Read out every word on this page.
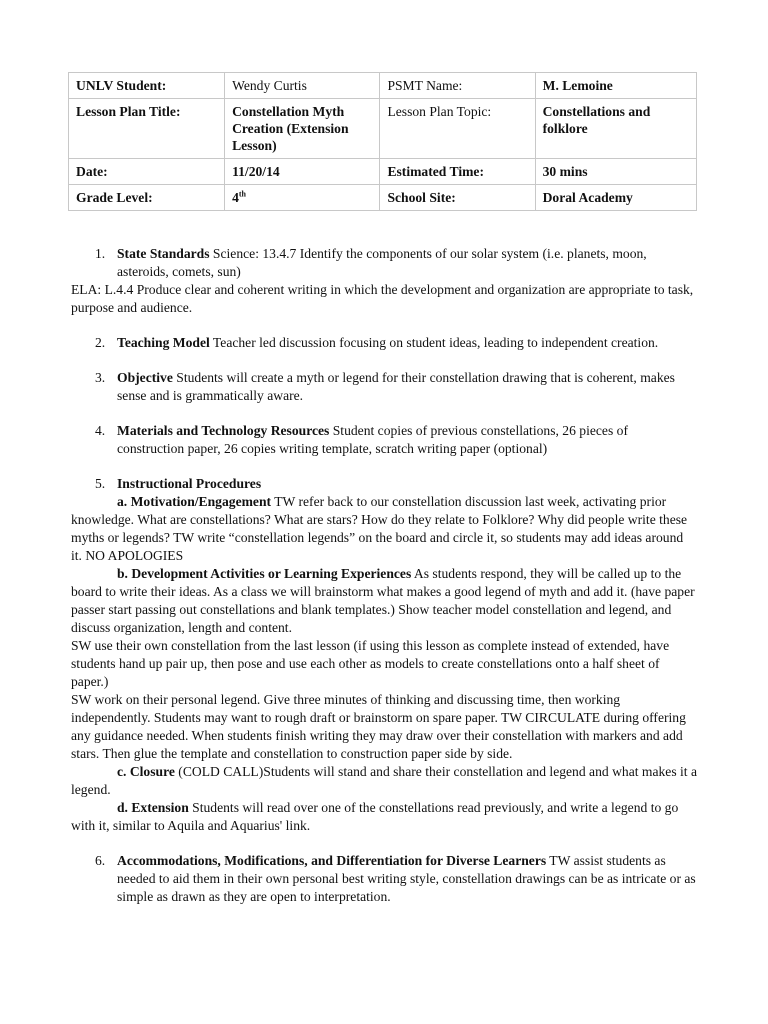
UNLV Student:	Wendy Curtis	PSMT Name:	M. Lemoine
Lesson Plan Title:	Constellation Myth Creation (Extension Lesson)	Lesson Plan Topic:	Constellations and folklore
Date:	11/20/14	Estimated Time:	30 mins
Grade Level:	4th	School Site:	Doral Academy
1. State Standards Science: 13.4.7 Identify the components of our solar system (i.e. planets, moon, asteroids, comets, sun)

ELA: L.4.4 Produce clear and coherent writing in which the development and organization are appropriate to task, purpose and audience.

2. Teaching Model Teacher led discussion focusing on student ideas, leading to independent creation.

3. Objective Students will create a myth or legend for their constellation drawing that is coherent, makes sense and is grammatically aware.

4. Materials and Technology Resources Student copies of previous constellations, 26 pieces of construction paper, 26 copies writing template, scratch writing paper (optional)

5. Instructional Procedures

a. Motivation/Engagement TW refer back to our constellation discussion last week, activating prior knowledge. What are constellations? What are stars? How do they relate to Folklore? Why did people write these myths or legends? TW write “constellation legends” on the board and circle it, so students may add ideas around it. NO APOLOGIES

b. Development Activities or Learning Experiences As students respond, they will be called up to the board to write their ideas. As a class we will brainstorm what makes a good legend of myth and add it. (have paper passer start passing out constellations and blank templates.) Show teacher model constellation and legend, and discuss organization, length and content.

SW use their own constellation from the last lesson (if using this lesson as complete instead of extended, have students hand up pair up, then pose and use each other as models to create constellations onto a half sheet of paper.)

SW work on their personal legend. Give three minutes of thinking and discussing time, then working independently. Students may want to rough draft or brainstorm on spare paper. TW CIRCULATE during offering any guidance needed. When students finish writing they may draw over their constellation with markers and add stars. Then glue the template and constellation to construction paper side by side.

c. Closure (COLD CALL)Students will stand and share their constellation and legend and what makes it a legend.

d. Extension Students will read over one of the constellations read previously, and write a legend to go with it, similar to Aquila and Aquarius' link.

6. Accommodations, Modifications, and Differentiation for Diverse Learners TW assist students as needed to aid them in their own personal best writing style, constellation drawings can be as intricate or as simple as drawn as they are open to interpretation.
